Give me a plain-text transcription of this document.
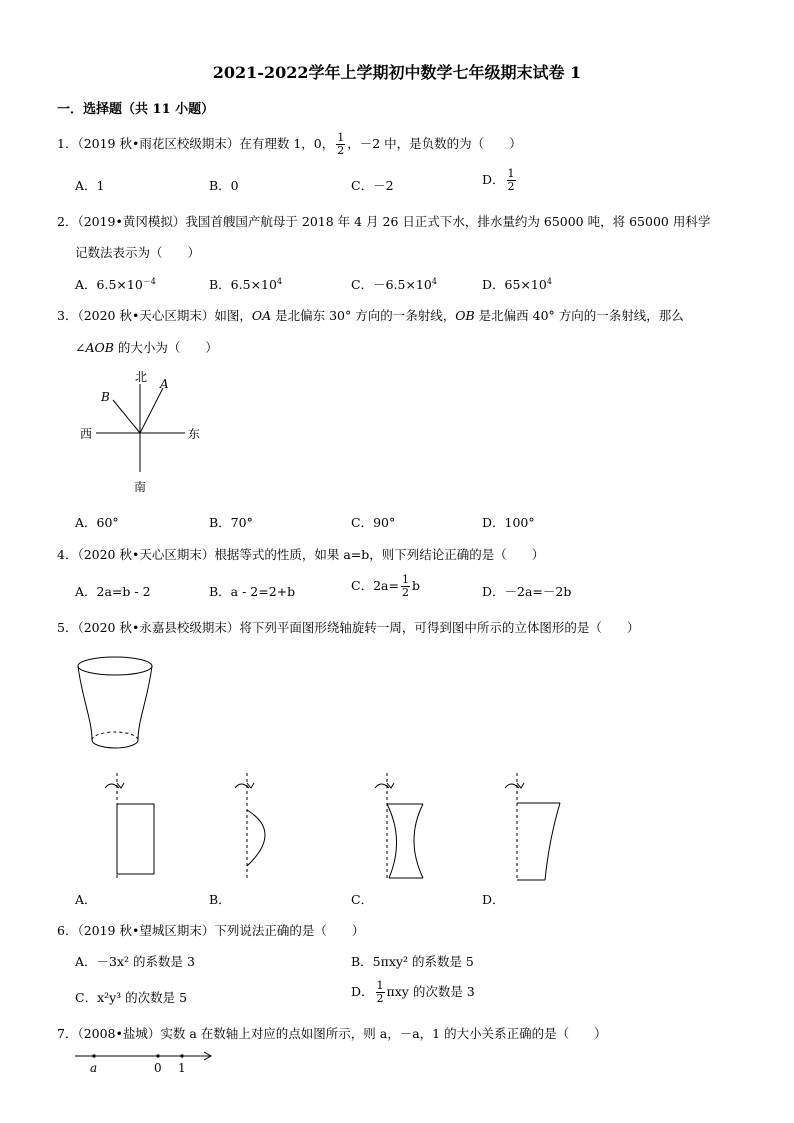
2021-2022学年上学期初中数学七年级期末试卷 1
一．选择题（共 11 小题）
1．（2019 秋•雨花区校级期末）在有理数 1，0， $\frac{1}{2}$ ，－2 中，是负数的为（　　）
A．1	B．0	C．－2	D． $\frac{1}{2}$
2．（2019•黄冈模拟）我国首艘国产航母于 2018 年 4 月 26 日正式下水，排水量约为 65000 吨，将 65000 用科学
记数法表示为（　　）
A．$6.5\times 10^{-4}$	B．$6.5\times 10^4$	C．$-6.5\times 10^4$	D．$65\times 10^4$
3．（2020 秋•天心区期末）如图，OA 是北偏东 30° 方向的一条射线，OB 是北偏西 40° 方向的一条射线，那么
∠AOB 的大小为（　　）
北 A
B
西	东
南
A．60°	B．70°	C．90°	D．100°
4．（2020 秋•天心区期末）根据等式的性质，如果 a=b，则下列结论正确的是（　　）
A．2a=b - 2	B．a - 2=2+b	C．$2a= \frac{1}{2}$ b	D．－2a=－2b
5．（2020 秋•永嘉县校级期末）将下列平面图形绕轴旋转一周，可得到图中所示的立体图形的是（　　）
A．	B．	C．	D．
6．（2019 秋•望城区期末）下列说法正确的是（　　）
A．－3x² 的系数是 3	B．5πxy² 的系数是 5
C．x²y³ 的次数是 5	D． $\frac{1}{2}$ πxy 的次数是 3
7．（2008•盐城）实数 a 在数轴上对应的点如图所示，则 a，－a，1 的大小关系正确的是（　　）
a	0 1
